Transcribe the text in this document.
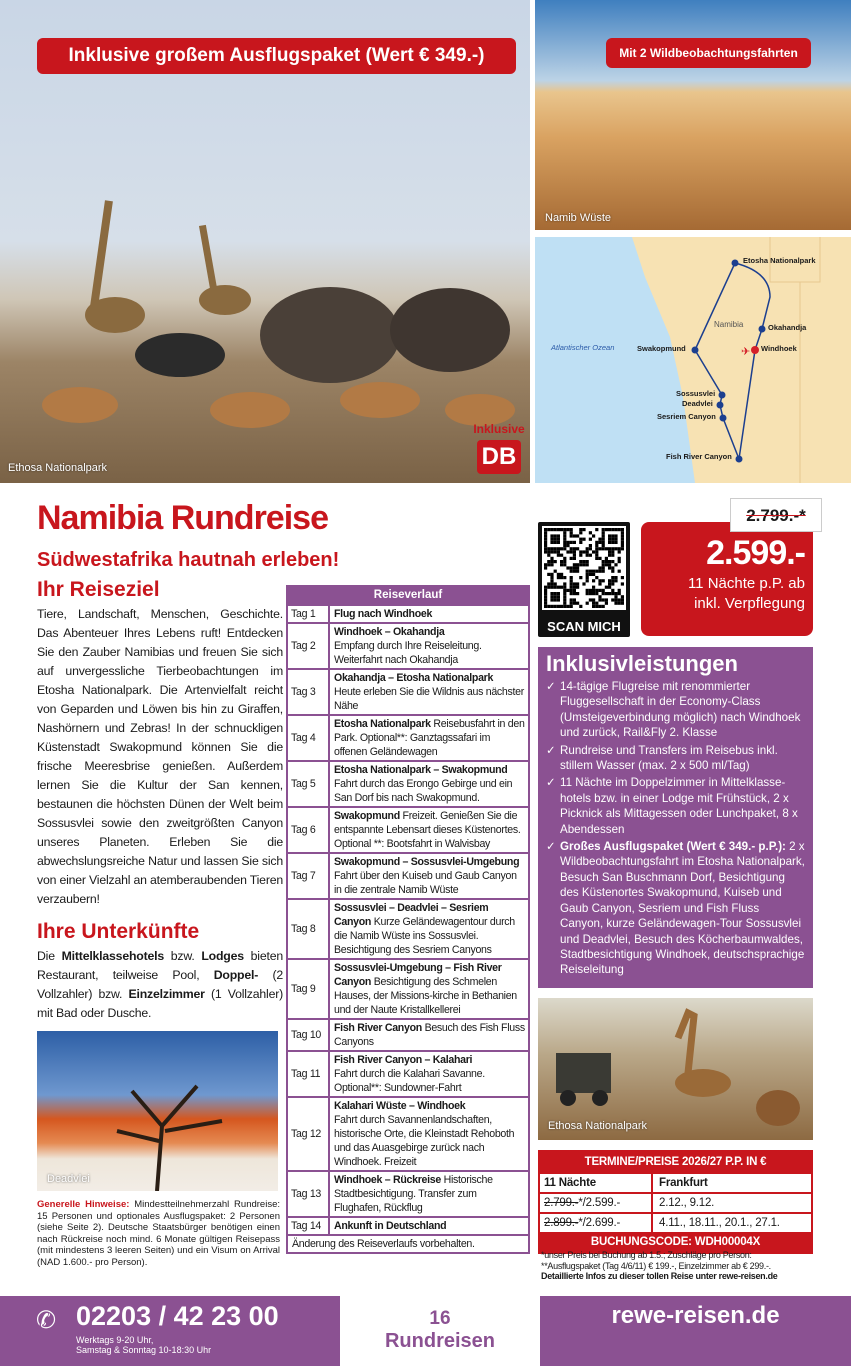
Ethosa Nationalpark
Inklusive
DB
Inklusive großem Ausflugspaket (Wert € 349.-)
Namib Wüste
Mit 2 Wildbeobachtungsfahrten
✈
Atlantischer Ozean
Namibia
Etosha Nationalpark
Okahandja
Windhoek
Swakopmund
Sossusvlei
Deadvlei
Sesriem Canyon
Fish River Canyon
Namibia Rundreise
Südwestafrika hautnah erleben!
Ihr Reiseziel
Tiere, Landschaft, Menschen, Geschichte. Das Abenteuer Ihres Lebens ruft! Entdecken Sie den Zauber Namibias und freuen Sie sich auf unvergessliche Tierbeobachtungen im Etosha Nationalpark. Die Artenvielfalt reicht von Geparden und Löwen bis hin zu Giraffen, Nashörnern und Zebras! In der schnuckligen Küstenstadt Swakopmund können Sie die frische Meeresbrise genießen. Außerdem lernen Sie die Kultur der San kennen, bestaunen die höchsten Dünen der Welt beim Sossusvlei sowie den zweitgrößten Canyon unseres Planeten. Erleben Sie die abwechslungsreiche Natur und lassen Sie sich von einer Vielzahl an atemberaubenden Tieren verzaubern!
Ihre Unterkünfte
Die Mittelklassehotels bzw. Lodges bieten Restaurant, teilweise Pool, Doppel- (2 Vollzahler) bzw. Einzelzimmer (1 Vollzahler) mit Bad oder Dusche.
Deadvlei
Generelle Hinweise: Mindestteilnehmerzahl Rundreise: 15 Personen und optionales Ausflugspaket: 2 Personen (siehe Seite 2). Deutsche Staatsbürger benötigen einen nach Rückreise noch mind. 6 Monate gültigen Reisepass (mit mindestens 3 leeren Seiten) und ein Visum on Arrival (NAD 1.600.- pro Person).
Reiseverlauf
Tag 1	Flug nach Windhoek
Tag 2
Windhoek – Okahandja
Empfang durch Ihre Reiseleitung. Weiterfahrt nach Okahandja
Tag 3
Okahandja – Etosha Nationalpark
Heute erleben Sie die Wildnis aus nächster Nähe
Tag 4
Etosha Nationalpark Reisebusfahrt in den Park. Optional**: Ganztagssafari im offenen Geländewagen
Tag 5
Etosha Nationalpark – Swakopmund
Fahrt durch das Erongo Gebirge und ein San Dorf bis nach Swakopmund.
Tag 6
Swakopmund Freizeit. Genießen Sie die entspannte Lebensart dieses Küstenortes. Optional **: Bootsfahrt in Walvisbay
Tag 7
Swakopmund – Sossusvlei-Umgebung Fahrt über den Kuiseb und Gaub Canyon in die zentrale Namib Wüste
Tag 8
Sossusvlei – Deadvlei – Sesriem Canyon Kurze Geländewagentour durch die Namib Wüste ins Sossusvlei. Besichtigung des Sesriem Canyons
Tag 9
Sossusvlei-Umgebung – Fish River Canyon Besichtigung des Schmelen Hauses, der Missions-kirche in Bethanien und der Naute Kristallkellerei
Tag 10
Fish River Canyon Besuch des Fish Fluss Canyons
Tag 11
Fish River Canyon – Kalahari
Fahrt durch die Kalahari Savanne. Optional**: Sundowner-Fahrt
Tag 12
Kalahari Wüste – Windhoek
Fahrt durch Savannenlandschaften, historische Orte, die Kleinstadt Rehoboth und das Auasgebirge zurück nach Windhoek. Freizeit
Tag 13
Windhoek – Rückreise Historische Stadtbesichtigung. Transfer zum Flughafen, Rückflug
Tag 14	Ankunft in Deutschland
Änderung des Reiseverlaufs vorbehalten.
SCAN MICH
2.599.-
11 Nächte p.P. ab
inkl. Verpflegung
2.799.-*
Inklusivleistungen
✓ 14-tägige Flugreise mit renommierter Fluggesellschaft in der Economy-Class (Umsteigeverbindung möglich) nach Windhoek und zurück, Rail&Fly 2. Klasse
✓ Rundreise und Transfers im Reisebus inkl. stillem Wasser (max. 2 x 500 ml/Tag)
✓ 11 Nächte im Doppelzimmer in Mittelklasse-hotels bzw. in einer Lodge mit Frühstück, 2 x Picknick als Mittagessen oder Lunchpaket, 8 x Abendessen
✓ Großes Ausflugspaket (Wert € 349.- p.P.): 2 x Wildbeobachtungsfahrt im Etosha Nationalpark, Besuch San Buschmann Dorf, Besichtigung des Küstenortes Swakopmund, Kuiseb und Gaub Canyon, Sesriem und Fish Fluss Canyon, kurze Geländewagen-Tour Sossusvlei und Deadvlei, Besuch des Köcherbaumwaldes, Stadtbesichtigung Windhoek, deutschsprachige Reiseleitung
Ethosa Nationalpark
TERMINE/PREISE 2026/27 P.P. IN €
11 Nächte	Frankfurt
2.799.-*/2.599.-	2.12., 9.12.
2.899.-*/2.699.-	4.11., 18.11., 20.1., 27.1.
BUCHUNGSCODE: WDH00004X
*unser Preis bei Buchung ab 1.5.; Zuschläge pro Person:
**Ausflugspaket (Tag 4/6/11) € 199.-, Einzelzimmer ab € 299.-.
Detaillierte Infos zu dieser tollen Reise unter rewe-reisen.de
✆ 02203 / 42 23 00
Werktags 9-20 Uhr,
Samstag & Sonntag 10-18:30 Uhr
16
Rundreisen
rewe-reisen.de
